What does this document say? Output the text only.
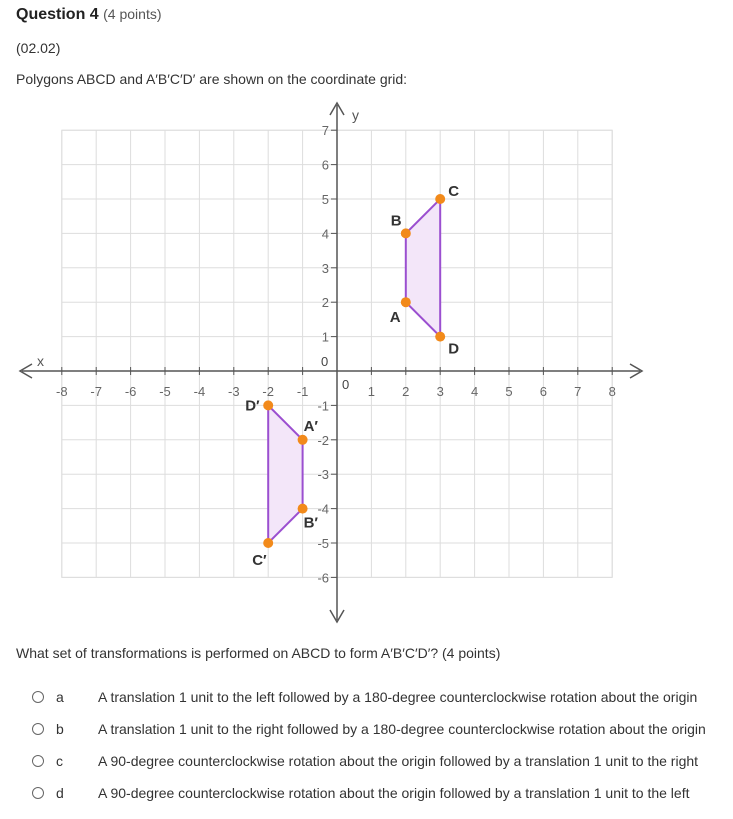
Question 4 (4 points)
(02.02)
Polygons ABCD and A′B′C′D′ are shown on the coordinate grid:
x
y
0
0
-8 -7 -6 -5 -4 -3 -2 -1	1 2 3 4 5 6 7 8
7
6
5
4
3
2
1
-1
-2
-3
-4
-5
-6
A
B
C
D
A′
B′
C′
D′
What set of transformations is performed on ABCD to form A′B′C′D′? (4 points)
a A translation 1 unit to the left followed by a 180-degree counterclockwise rotation about the origin
b A translation 1 unit to the right followed by a 180-degree counterclockwise rotation about the origin
c	A 90-degree counterclockwise rotation about the origin followed by a translation 1 unit to the right
d A 90-degree counterclockwise rotation about the origin followed by a translation 1 unit to the left
